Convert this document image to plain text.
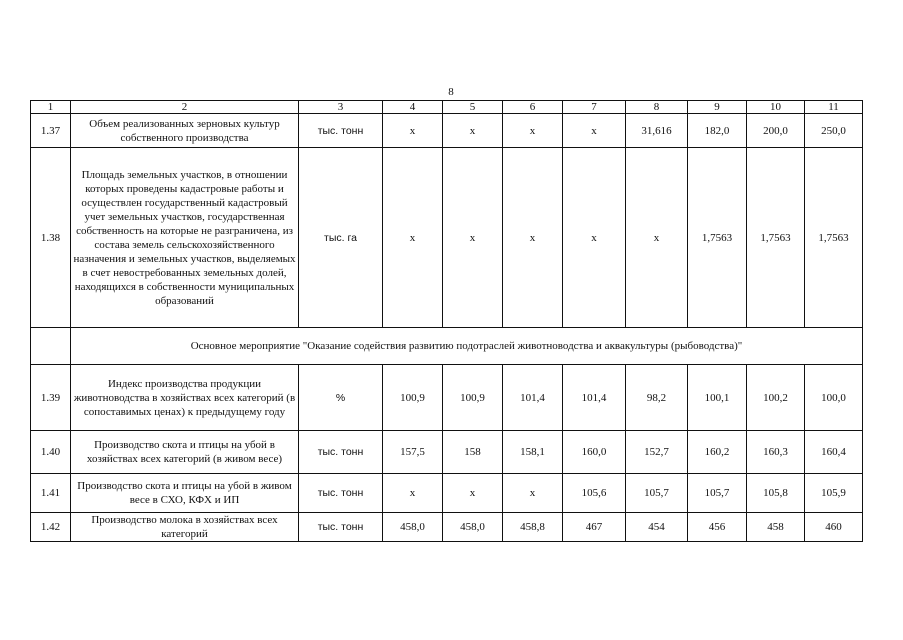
8
1	2	3	4	5	6	7	8	9	10	11
1.37	Объем реализованных зерновых культур собственного производства	тыс. тонн	х	х	х	х	31,616	182,0	200,0	250,0
1.38	Площадь земельных участков, в отношении которых проведены кадастровые работы и осуществлен государственный кадастровый учет земельных участков, государственная собственность на которые не разграничена, из состава земель сельскохозяйственного назначения и земельных участков, выделяемых в счет невостребованных земельных долей, находящихся в собственности муниципальных образований	тыс. га	х	х	х	х	х	1,7563	1,7563	1,7563
	Основное мероприятие "Оказание содействия развитию подотраслей животноводства и аквакультуры (рыбоводства)"									
1.39	Индекс производства продукции животноводства в хозяйствах всех категорий (в сопоставимых ценах) к предыдущему году	%	100,9	100,9	101,4	101,4	98,2	100,1	100,2	100,0
1.40	Производство скота и птицы на убой в хозяйствах всех категорий (в живом весе)	тыс. тонн	157,5	158	158,1	160,0	152,7	160,2	160,3	160,4
1.41	Производство скота и птицы на убой в живом весе в СХО, КФХ и ИП	тыс. тонн	х	х	х	105,6	105,7	105,7	105,8	105,9
1.42	Производство молока в хозяйствах всех категорий	тыс. тонн	458,0	458,0	458,8	467	454	456	458	460
